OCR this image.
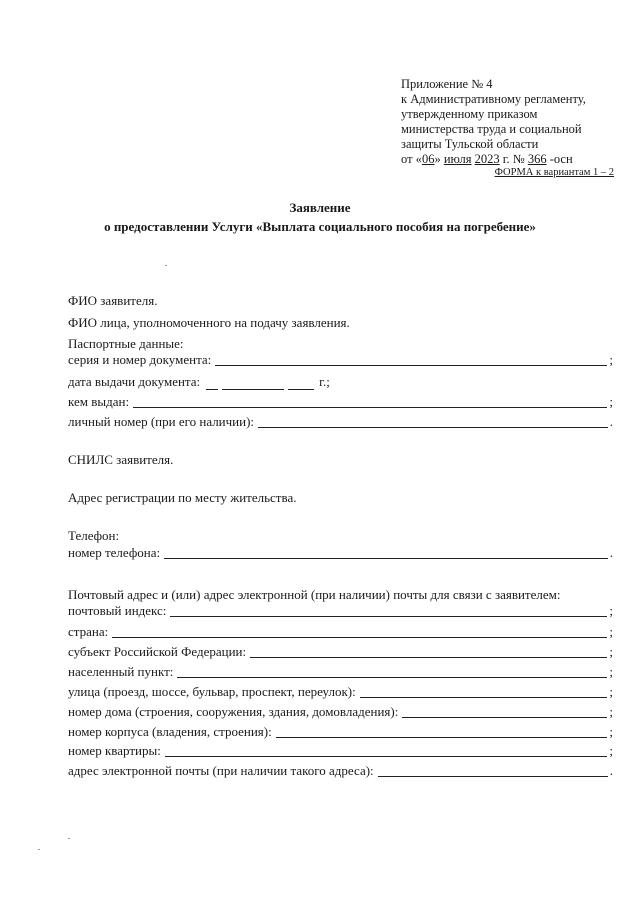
Приложение № 4
к Административному регламенту,
утвержденному приказом
министерства труда и социальной
защиты Тульской области
от «06» июля 2023 г. № 366 -осн
ФОРМА к вариантам 1 – 2
Заявление
о предоставлении Услуги «Выплата социального пособия на погребение»
ФИО заявителя.
ФИО лица, уполномоченного на подачу заявления.
Паспортные данные:
серия и номер документа:	;
дата выдачи документа:	г.;
кем выдан:	;
личный номер (при его наличии):	.
СНИЛС заявителя.
Адрес регистрации по месту жительства.
Телефон:
номер телефона:	.
Почтовый адрес и (или) адрес электронной (при наличии) почты для связи с заявителем:
почтовый индекс:	;
страна:	;
субъект Российской Федерации:	;
населенный пункт:	;
улица (проезд, шоссе, бульвар, проспект, переулок):	;
номер дома (строения, сооружения, здания, домовладения):	;
номер корпуса (владения, строения):	;
номер квартиры:	;
адрес электронной почты (при наличии такого адреса):	.
